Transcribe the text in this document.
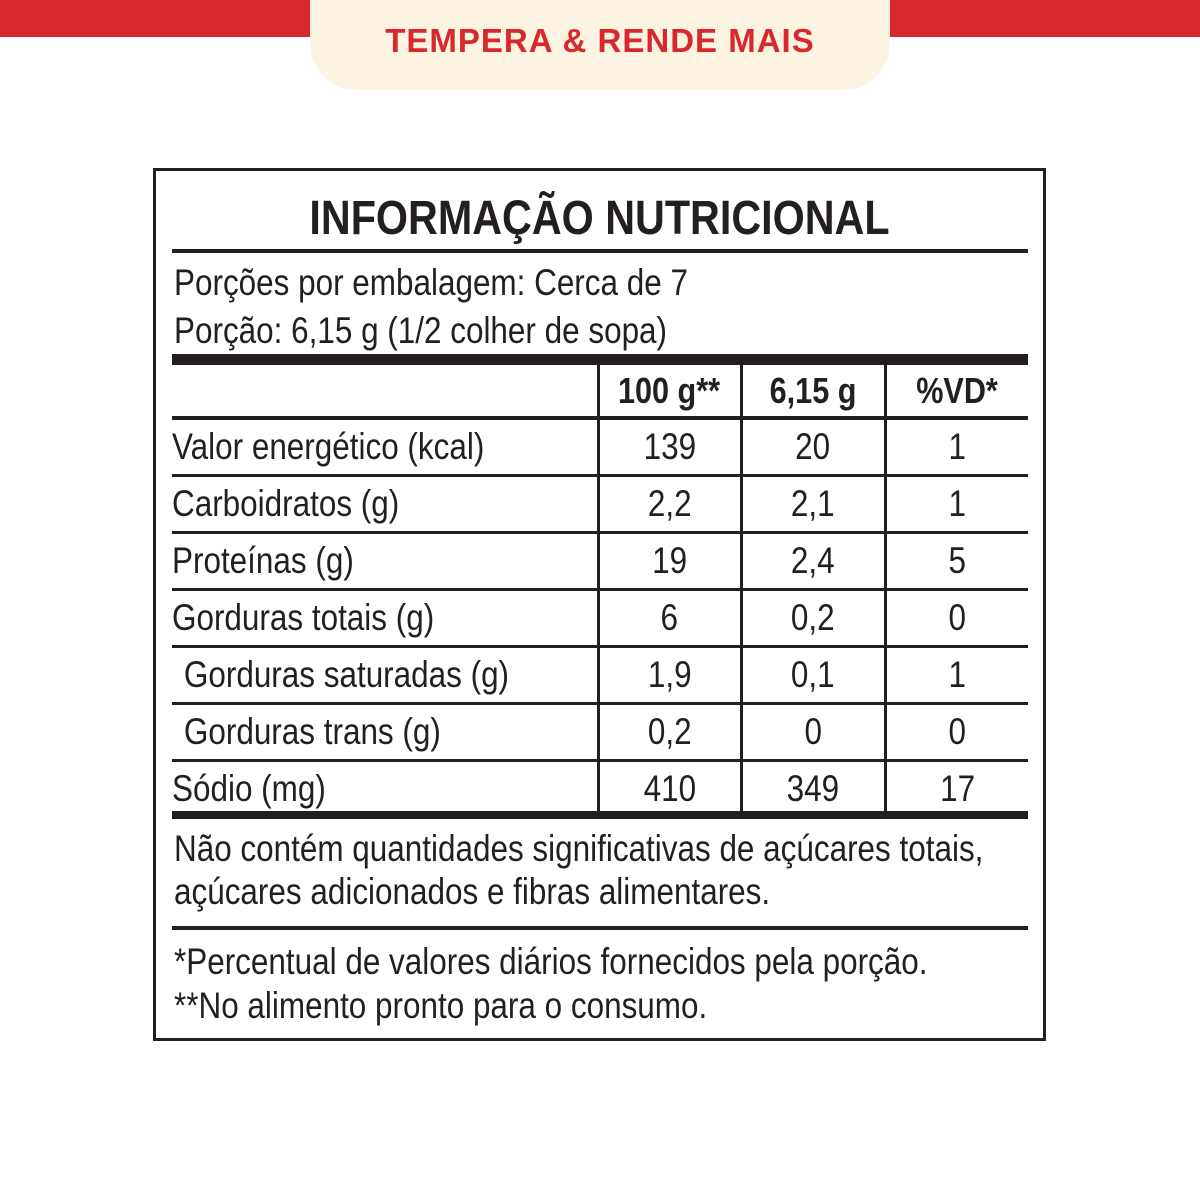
TEMPERA & RENDE MAIS
INFORMAÇÃO NUTRICIONAL
Porções por embalagem: Cerca de 7
Porção: 6,15 g (1/2 colher de sopa)
	100 g**	6,15 g	%VD*
Valor energético (kcal)	139	20	1
Carboidratos (g)	2,2	2,1	1
Proteínas (g)	19	2,4	5
Gorduras totais (g)	6	0,2	0
Gorduras saturadas (g)	1,9	0,1	1
Gorduras trans (g)	0,2	0	0
Sódio (mg)	410	349	17
Não contém quantidades significativas de açúcares totais,
açúcares adicionados e fibras alimentares.
*Percentual de valores diários fornecidos pela porção.
**No alimento pronto para o consumo.
